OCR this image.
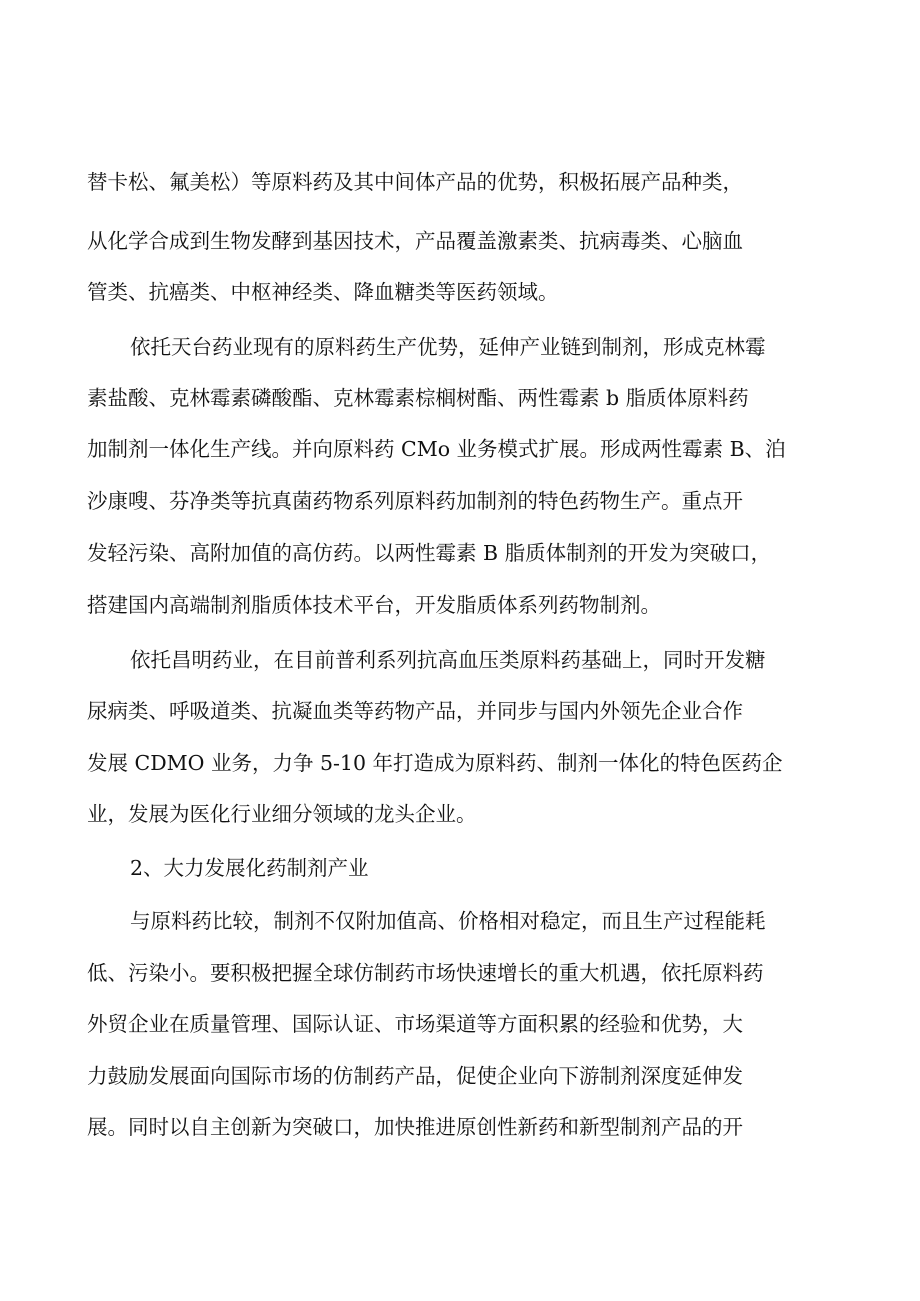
替卡松、氟美松）等原料药及其中间体产品的优势，积极拓展产品种类，
从化学合成到生物发酵到基因技术，产品覆盖激素类、抗病毒类、心脑血
管类、抗癌类、中枢神经类、降血糖类等医药领域。
依托天台药业现有的原料药生产优势，延伸产业链到制剂，形成克林霉
素盐酸、克林霉素磷酸酯、克林霉素棕榈树酯、两性霉素 b 脂质体原料药
加制剂一体化生产线。并向原料药 CMo 业务模式扩展。形成两性霉素 B、泊
沙康嗖、芬净类等抗真菌药物系列原料药加制剂的特色药物生产。重点开
发轻污染、高附加值的高仿药。以两性霉素 B 脂质体制剂的开发为突破口，
搭建国内高端制剂脂质体技术平台，开发脂质体系列药物制剂。
依托昌明药业，在目前普利系列抗高血压类原料药基础上，同时开发糖
尿病类、呼吸道类、抗凝血类等药物产品，并同步与国内外领先企业合作
发展 CDMO 业务，力争 5-10 年打造成为原料药、制剂一体化的特色医药企
业，发展为医化行业细分领域的龙头企业。
2、大力发展化药制剂产业
与原料药比较，制剂不仅附加值高、价格相对稳定，而且生产过程能耗
低、污染小。要积极把握全球仿制药市场快速增长的重大机遇，依托原料药
外贸企业在质量管理、国际认证、市场渠道等方面积累的经验和优势，大
力鼓励发展面向国际市场的仿制药产品，促使企业向下游制剂深度延伸发
展。同时以自主创新为突破口，加快推进原创性新药和新型制剂产品的开
